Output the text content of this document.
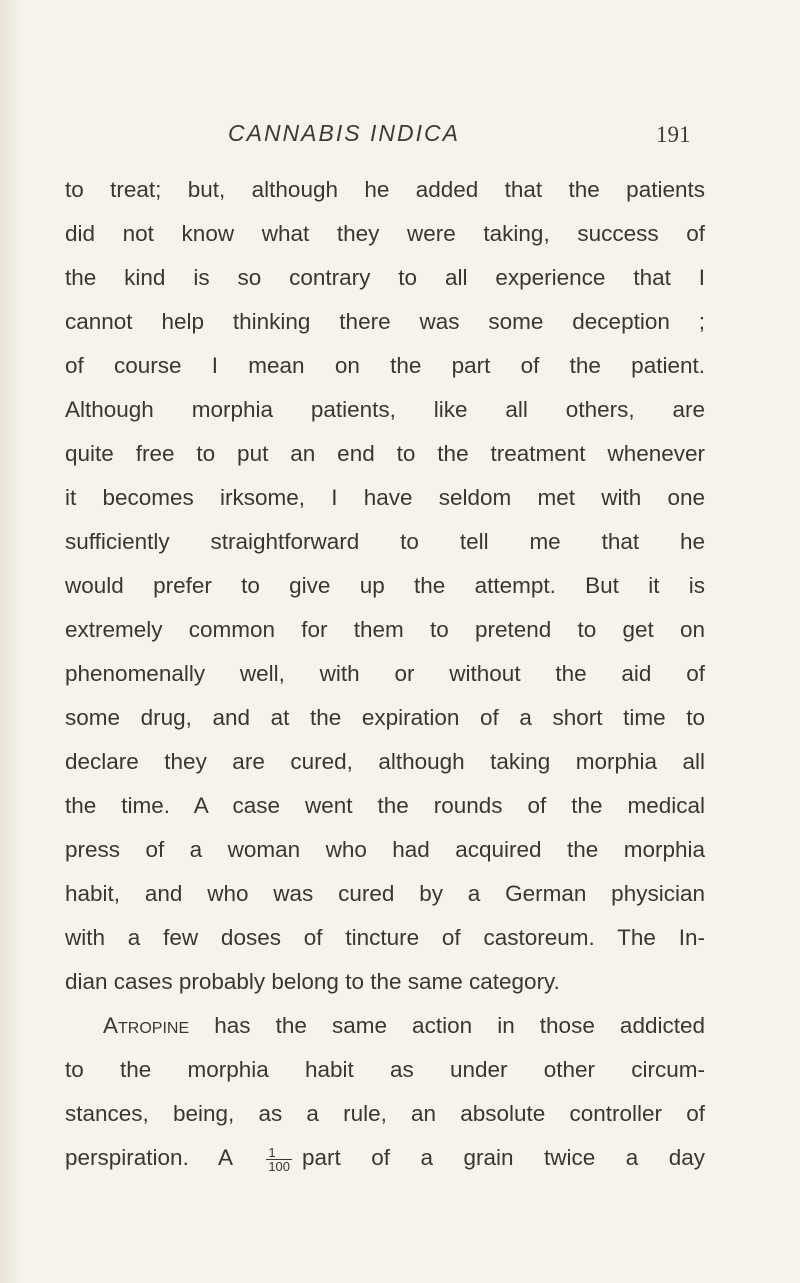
CANNABIS INDICA	191
to treat; but, although he added that the patients
did not know what they were taking, success of
the kind is so contrary to all experience that I
cannot help thinking there was some deception ;
of course I mean on the part of the patient.
Although morphia patients, like all others, are
quite free to put an end to the treatment whenever
it becomes irksome, I have seldom met with one
sufficiently straightforward to tell me that he
would prefer to give up the attempt. But it is
extremely common for them to pretend to get on
phenomenally well, with or without the aid of
some drug, and at the expiration of a short time to
declare they are cured, although taking morphia all
the time. A case went the rounds of the medical
press of a woman who had acquired the morphia
habit, and who was cured by a German physician
with a few doses of tincture of castoreum. The In-
dian cases probably belong to the same category.
Atropine has the same action in those addicted
to the morphia habit as under other circum-
stances, being, as a rule, an absolute controller of
perspiration. A	$\frac{1}{100}$ part of a grain twice a day
